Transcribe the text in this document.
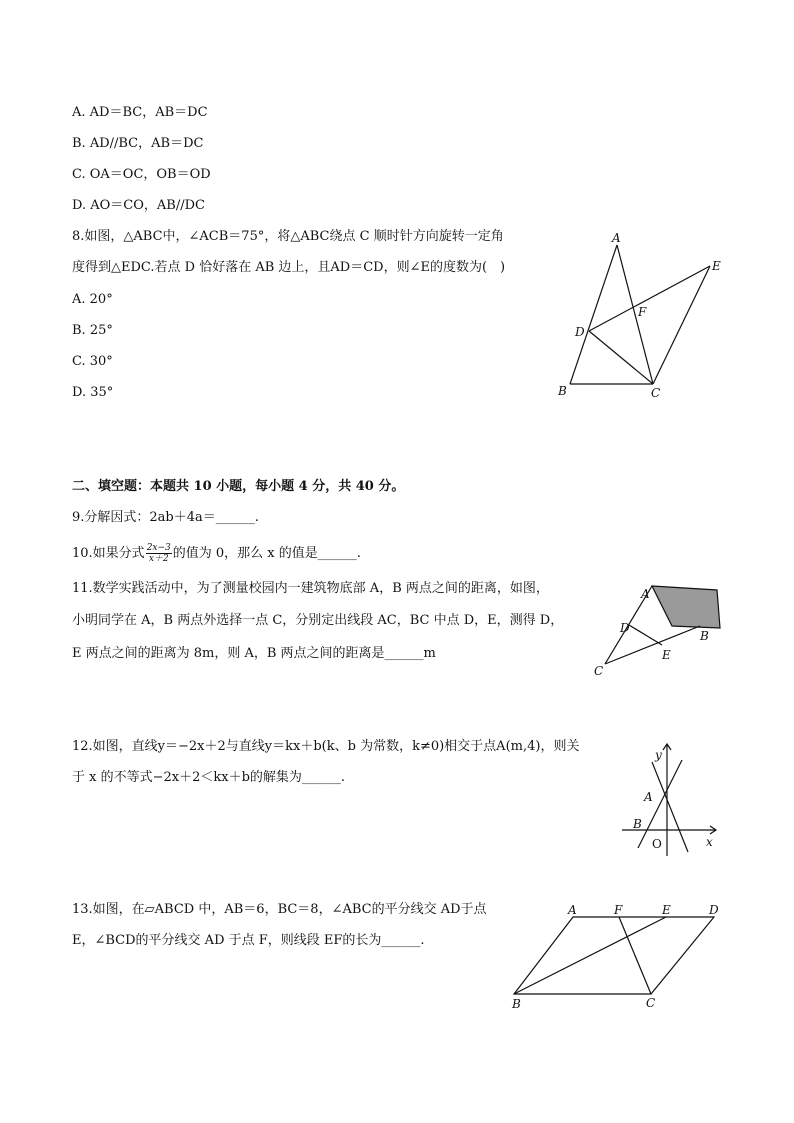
A. AD＝BC，AB＝DC
B. AD//BC，AB＝DC
C. OA＝OC，OB＝OD
D. AO＝CO，AB//DC
8.如图，△ABC中，∠ACB＝75°，将△ABC绕点 C 顺时针方向旋转一定角
度得到△EDC.若点 D 恰好落在 AB 边上，且AD＝CD，则∠E的度数为(　)
A. 20°
B. 25°
C. 30°
D. 35°
A
E
F
D
B	C
二、填空题：本题共 10 小题，每小题 4 分，共 40 分。
9.分解因式：2ab＋4a＝______.
10.如果分式 $\frac{2x-3}{x+2}$ 的值为 0，那么 x 的值是______.
11.数学实践活动中，为了测量校园内一建筑物底部 A，B 两点之间的距离，如图，
小明同学在 A，B 两点外选择一点 C，分别定出线段 AC，BC 中点 D，E，测得 D，
E 两点之间的距离为 8m，则 A，B 两点之间的距离是______m
A
B
C
D
E
12.如图，直线y＝−2x＋2与直线y＝kx＋b(k、b 为常数，k≠0)相交于点A(m,4)，则关
于 x 的不等式−2x＋2＜kx＋b的解集为______.
y
x
A
B
O
13.如图，在▱ABCD 中，AB＝6，BC＝8，∠ABC的平分线交 AD于点
E，∠BCD的平分线交 AD 于点 F，则线段 EF的长为______.
A	F	E	D
B	C
